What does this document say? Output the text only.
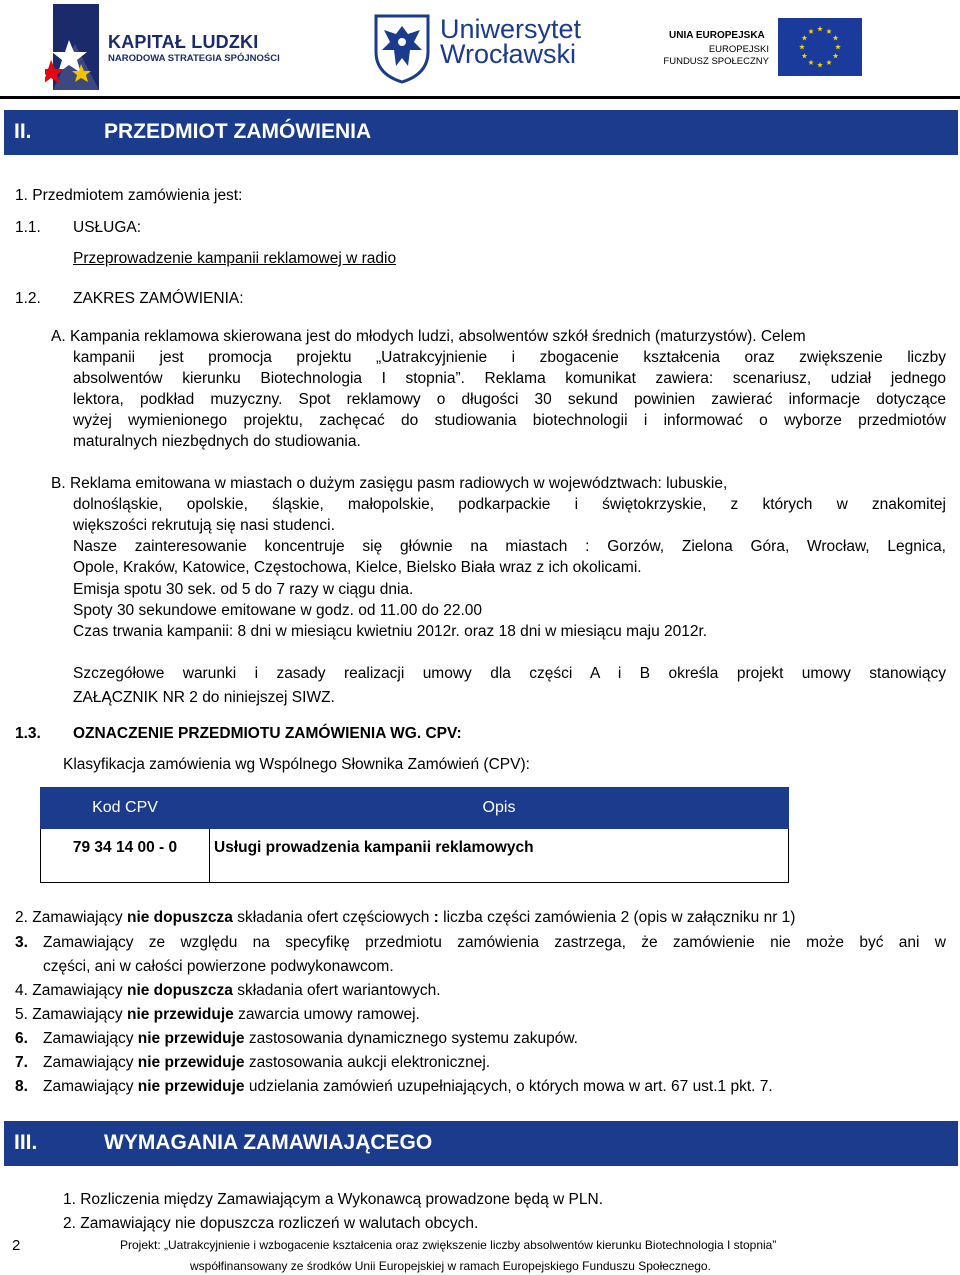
KAPITAŁ LUDZKI
NARODOWA STRATEGIA SPÓJNOŚCI
Uniwersytet
Wrocławski
UNIA EUROPEJSKA
EUROPEJSKI
FUNDUSZ SPOŁECZNY
II.	PRZEDMIOT ZAMÓWIENIA
1. Przedmiotem zamówienia jest:
1.1. USŁUGA:
Przeprowadzenie kampanii reklamowej w radio
1.2. ZAKRES ZAMÓWIENIA:
A. Kampania reklamowa skierowana jest do młodych ludzi, absolwentów szkół średnich (maturzystów). Celem
kampanii jest promocja projektu „Uatrakcyjnienie i zbogacenie kształcenia oraz zwiększenie liczby
absolwentów kierunku Biotechnologia I stopnia”. Reklama komunikat zawiera: scenariusz, udział jednego
lektora, podkład muzyczny. Spot reklamowy o długości 30 sekund powinien zawierać informacje dotyczące
wyżej wymienionego projektu, zachęcać do studiowania biotechnologii i informować o wyborze przedmiotów
maturalnych niezbędnych do studiowania.
B. Reklama emitowana w miastach o dużym zasięgu pasm radiowych w województwach: lubuskie,
dolnośląskie, opolskie, śląskie, małopolskie, podkarpackie i świętokrzyskie, z których w znakomitej
większości rekrutują się nasi studenci.
Nasze zainteresowanie koncentruje się głównie na miastach : Gorzów, Zielona Góra, Wrocław, Legnica,
Opole, Kraków, Katowice, Częstochowa, Kielce, Bielsko Biała wraz z ich okolicami.
Emisja spotu 30 sek. od 5 do 7 razy w ciągu dnia.
Spoty 30 sekundowe emitowane w godz. od 11.00 do 22.00
Czas trwania kampanii: 8 dni w miesiącu kwietniu 2012r. oraz 18 dni w miesiącu maju 2012r.
Szczegółowe warunki i zasady realizacji umowy dla części A i B określa projekt umowy stanowiący
ZAŁĄCZNIK NR 2 do niniejszej SIWZ.
1.3. OZNACZENIE PRZEDMIOTU ZAMÓWIENIA WG. CPV:
Klasyfikacja zamówienia wg Wspólnego Słownika Zamówień (CPV):
Kod CPV	Opis
79 34 14 00 - 0	Usługi prowadzenia kampanii reklamowych
2. Zamawiający nie dopuszcza składania ofert częściowych : liczba części zamówienia 2 (opis w załączniku nr 1)
3. Zamawiający ze względu na specyfikę przedmiotu zamówienia zastrzega, że zamówienie nie może być ani w
części, ani w całości powierzone podwykonawcom.
4. Zamawiający nie dopuszcza składania ofert wariantowych.
5. Zamawiający nie przewiduje zawarcia umowy ramowej.
6. Zamawiający nie przewiduje zastosowania dynamicznego systemu zakupów.
7. Zamawiający nie przewiduje zastosowania aukcji elektronicznej.
8. Zamawiający nie przewiduje udzielania zamówień uzupełniających, o których mowa w art. 67 ust.1 pkt. 7.
III.	WYMAGANIA ZAMAWIAJĄCEGO
1. Rozliczenia między Zamawiającym a Wykonawcą prowadzone będą w PLN.
2. Zamawiający nie dopuszcza rozliczeń w walutach obcych.
2	Projekt: „Uatrakcyjnienie i wzbogacenie kształcenia oraz zwiększenie liczby absolwentów kierunku Biotechnologia I stopnia”
współfinansowany ze środków Unii Europejskiej w ramach Europejskiego Funduszu Społecznego.
